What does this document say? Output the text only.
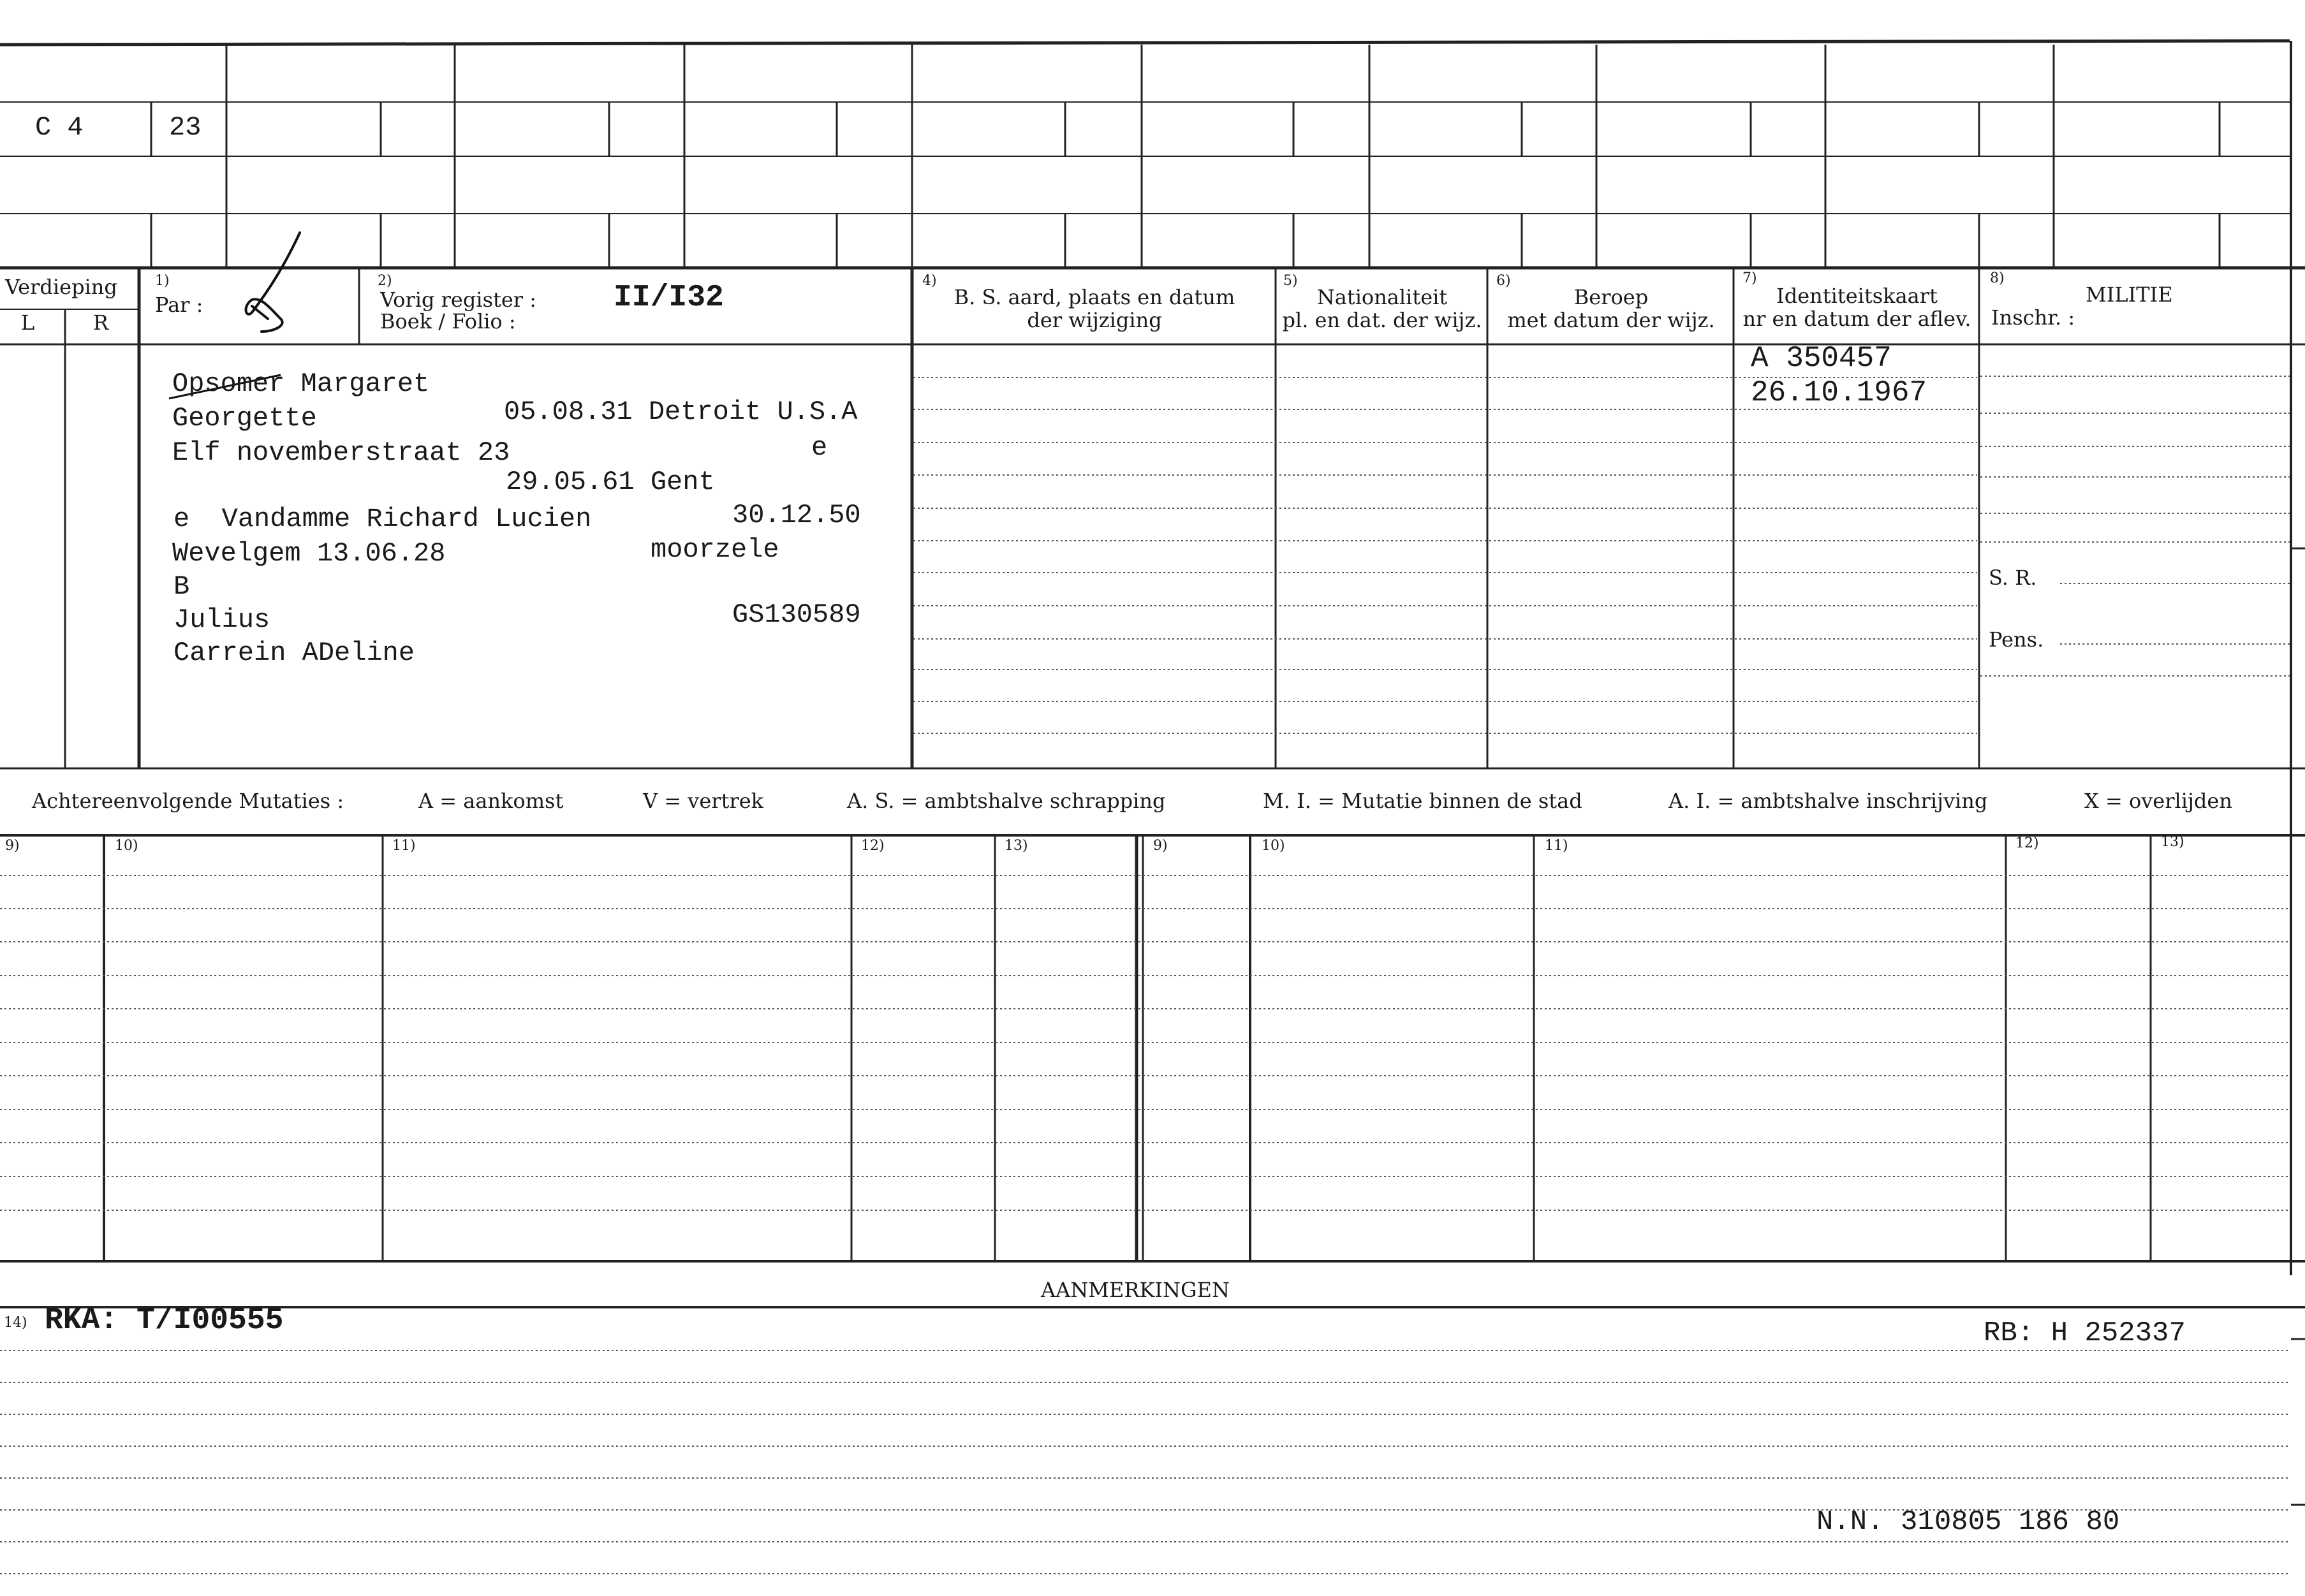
C 4	23
Verdieping
L	R
1)
Par :
2)
Vorig register :
Boek / Folio :
II/I32	4)
B. S. aard, plaats en datum
der wijziging
5)
Nationaliteit
pl. en dat. der wijz.
6)
Beroep
met datum der wijz.
7)
Identiteitskaart
nr en datum der aflev.
8)
MILITIE
Inschr. :
Opsomer Margaret
Georgette	05.08.31 Detroit U.S.A
Elf novemberstraat 23	e
29.05.61 Gent
e  Vandamme Richard Lucien	30.12.50
Wevelgem 13.06.28	moorzele
B
Julius	GS130589
Carrein ADeline
A 350457
26.10.1967
S. R.
Pens.
Achtereenvolgende Mutaties :	A = aankomst	V = vertrek	A. S. = ambtshalve schrapping	M. I. = Mutatie binnen de stad	A. I. = ambtshalve inschrijving	X = overlijden
9)	10)	11)	12)	13)	9)	10)	11)	12)	13)
AANMERKINGEN
14) RKA: T/I00555	RB: H 252337
N.N. 310805 186 80
